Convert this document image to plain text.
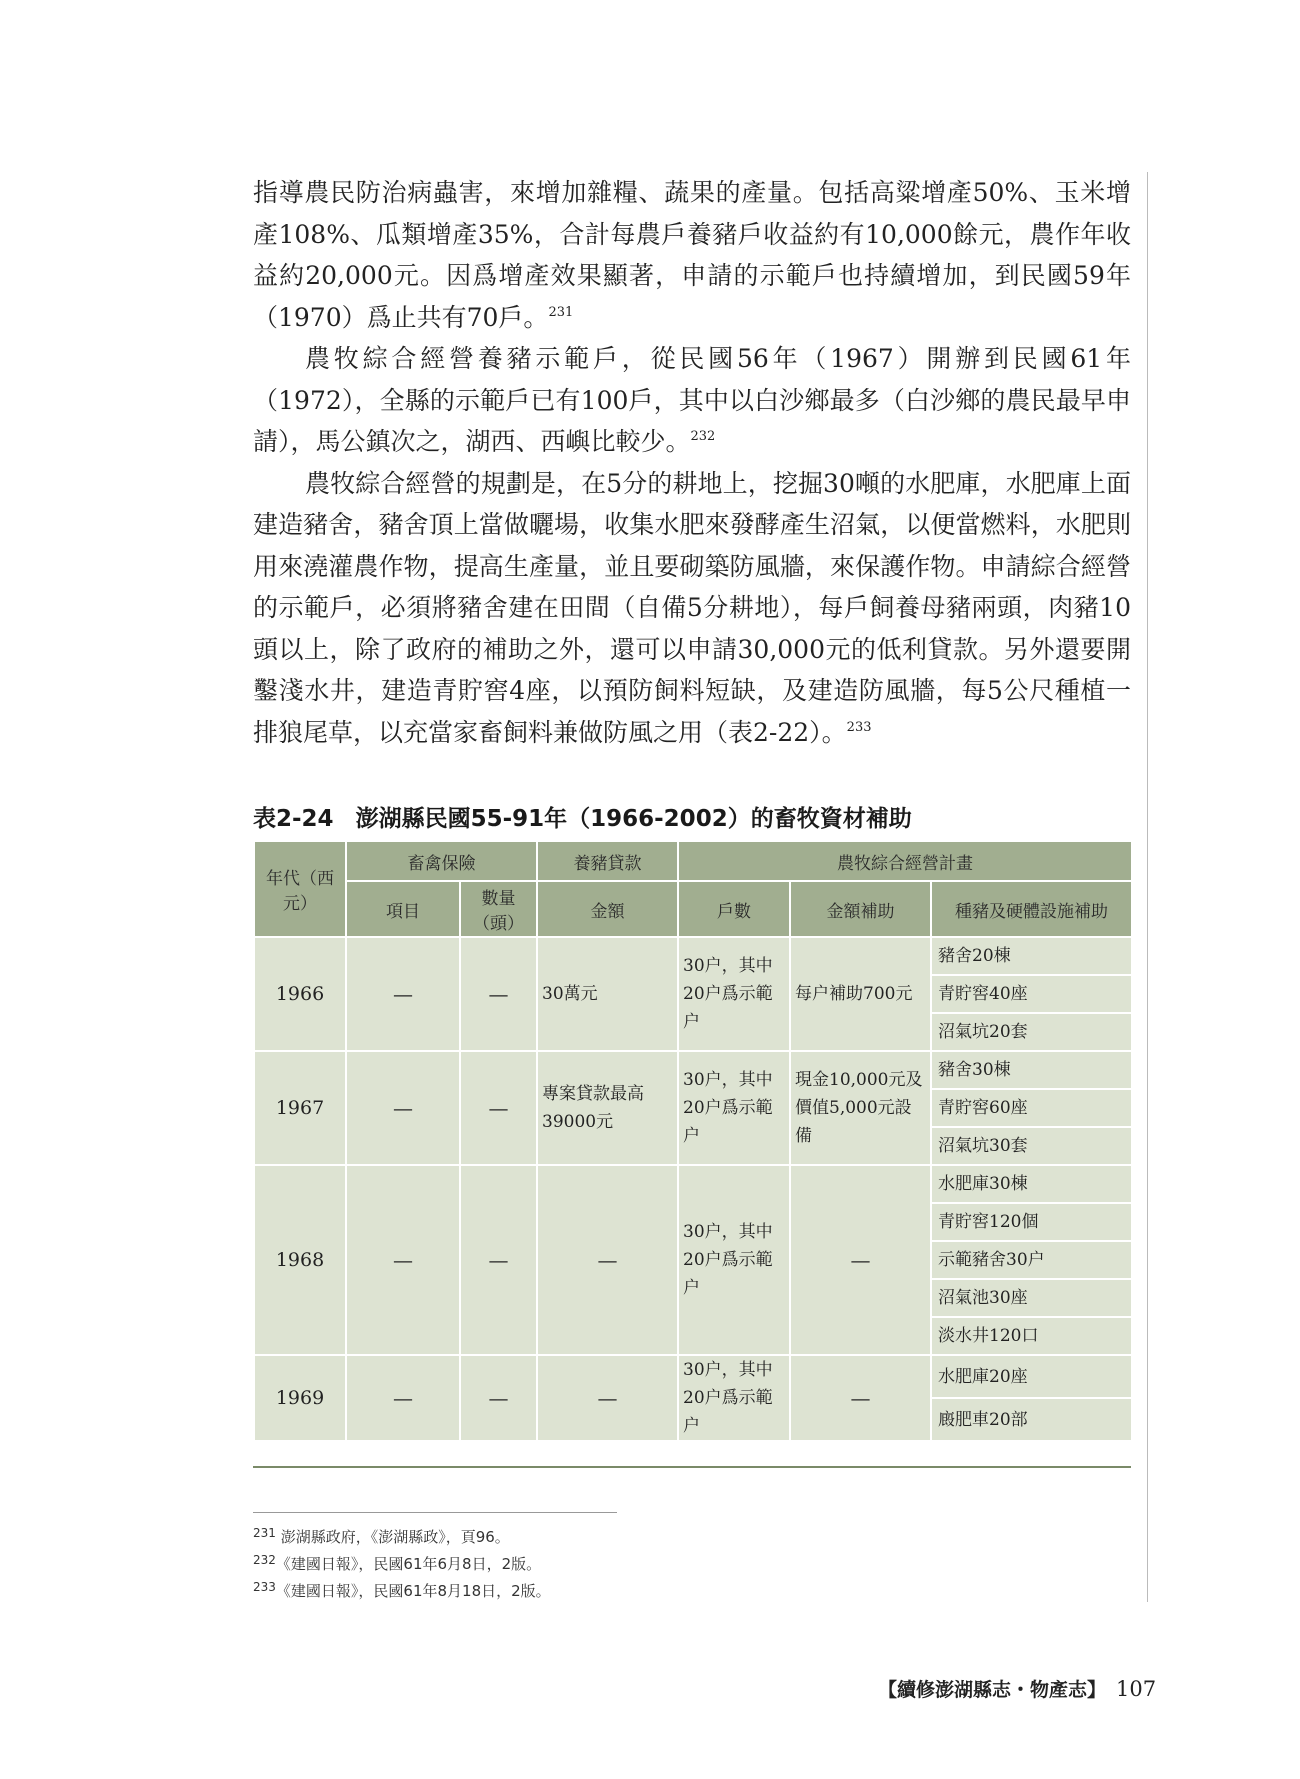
指導農民防治病蟲害，來增加雜糧、蔬果的產量。包括高粱增產50%、玉米增產108%、瓜類增產35%，合計每農戶養豬戶收益約有10,000餘元，農作年收益約20,000元。因爲增產效果顯著，申請的示範戶也持續增加，到民國59年（1970）爲止共有70戶。$^{231}$

農牧綜合經營養豬示範戶，從民國56年（1967）開辦到民國61年（1972），全縣的示範戶已有100戶，其中以白沙鄉最多（白沙鄉的農民最早申請），馬公鎮次之，湖西、西嶼比較少。$^{232}$

農牧綜合經營的規劃是，在5分的耕地上，挖掘30噸的水肥庫，水肥庫上面建造豬舍，豬舍頂上當做曬場，收集水肥來發酵產生沼氣，以便當燃料，水肥則用來澆灌農作物，提高生產量，並且要砌築防風牆，來保護作物。申請綜合經營的示範戶，必須將豬舍建在田間（自備5分耕地），每戶飼養母豬兩頭，肉豬10頭以上，除了政府的補助之外，還可以申請30,000元的低利貸款。另外還要開鑿淺水井，建造青貯窖4座，以預防飼料短缺，及建造防風牆，每5公尺種植一排狼尾草，以充當家畜飼料兼做防風之用（表2-22）。$^{233}$

表2-24 澎湖縣民國55-91年（1966-2002）的畜牧資材補助
年代（西元）	畜禽保險		養豬貸款	農牧綜合經營計畫		
	項目	數量（頭）	金額	戶數	金額補助	種豬及硬體設施補助
1966	—	—	30萬元	30户，其中20户爲示範户	每户補助700元	豬舍20棟
						青貯窖40座
						沼氣坑20套
1967	—	—	專案貸款最高39000元	30户，其中20户爲示範户	現金10,000元及價值5,000元設備	豬舍30棟
						青貯窖60座
						沼氣坑30套
1968	—	—	—	30户，其中20户爲示範户	—	水肥庫30棟
						青貯窖120個
						示範豬舍30户
						沼氣池30座
						淡水井120口
1969	—	—	—	30户，其中20户爲示範户	—	水肥庫20座
						廄肥車20部
$^{231}$ 澎湖縣政府，《澎湖縣政》，頁96。
$^{232}$《建國日報》，民國61年6月8日，2版。
$^{233}$《建國日報》，民國61年8月18日，2版。
【續修澎湖縣志・物產志】 107
